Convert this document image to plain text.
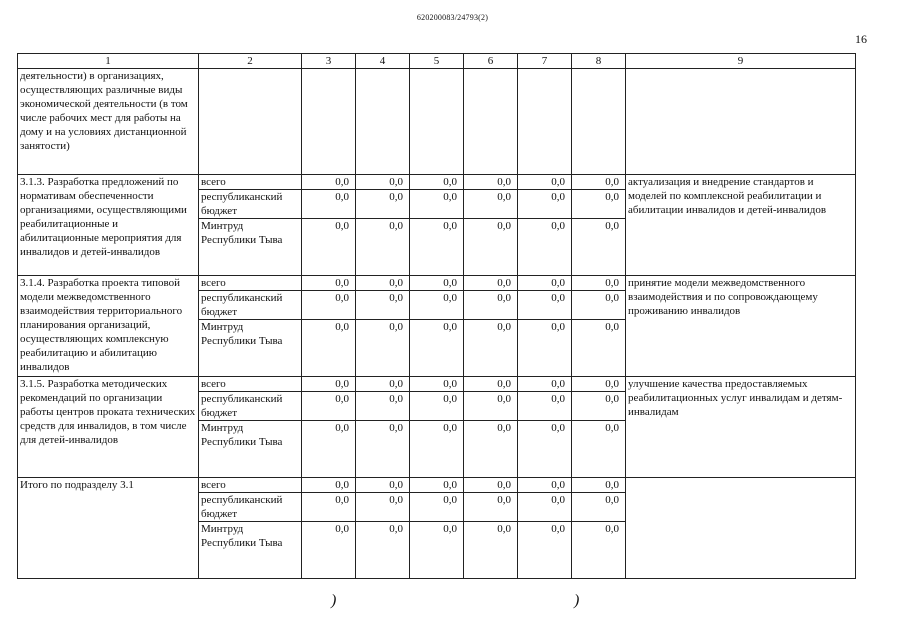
620200083/24793(2)
16
1	2	3	4	5	6	7	8	9
деятельности) в организациях, осуществляющих различные виды экономической деятельности (в том числе рабочих мест для работы на дому и на условиях дистанционной занятости)								
3.1.3. Разработка предложений по нормативам обеспеченности организациями, осуществляющими реабилитационные и абилитационные мероприятия для инвалидов и детей-инвалидов	всего	0,0	0,0	0,0	0,0	0,0	0,0	актуализация и внедрение стандартов и моделей по комплексной реабилитации и абилитации инвалидов и детей-инвалидов
	республиканский бюджет	0,0	0,0	0,0	0,0	0,0	0,0	
	Минтруд Республики Тыва	0,0	0,0	0,0	0,0	0,0	0,0	
3.1.4. Разработка проекта типовой модели межведомственного взаимодействия территориального планирования организаций, осуществляющих комплексную реабилитацию и абилитацию инвалидов	всего	0,0	0,0	0,0	0,0	0,0	0,0	принятие модели межведомственного взаимодействия и по сопровождающему проживанию инвалидов
	республиканский бюджет	0,0	0,0	0,0	0,0	0,0	0,0	
	Минтруд Республики Тыва	0,0	0,0	0,0	0,0	0,0	0,0	
3.1.5. Разработка методических рекомендаций по организации работы центров проката технических средств для инвалидов, в том числе для детей-инвалидов	всего	0,0	0,0	0,0	0,0	0,0	0,0	улучшение качества предоставляемых реабилитационных услуг инвалидам и детям-инвалидам
	республиканский бюджет	0,0	0,0	0,0	0,0	0,0	0,0	
	Минтруд Республики Тыва	0,0	0,0	0,0	0,0	0,0	0,0	
Итого по подразделу 3.1	всего	0,0	0,0	0,0	0,0	0,0	0,0	
	республиканский бюджет	0,0	0,0	0,0	0,0	0,0	0,0	
	Минтруд Республики Тыва	0,0	0,0	0,0	0,0	0,0	0,0	
)	)
